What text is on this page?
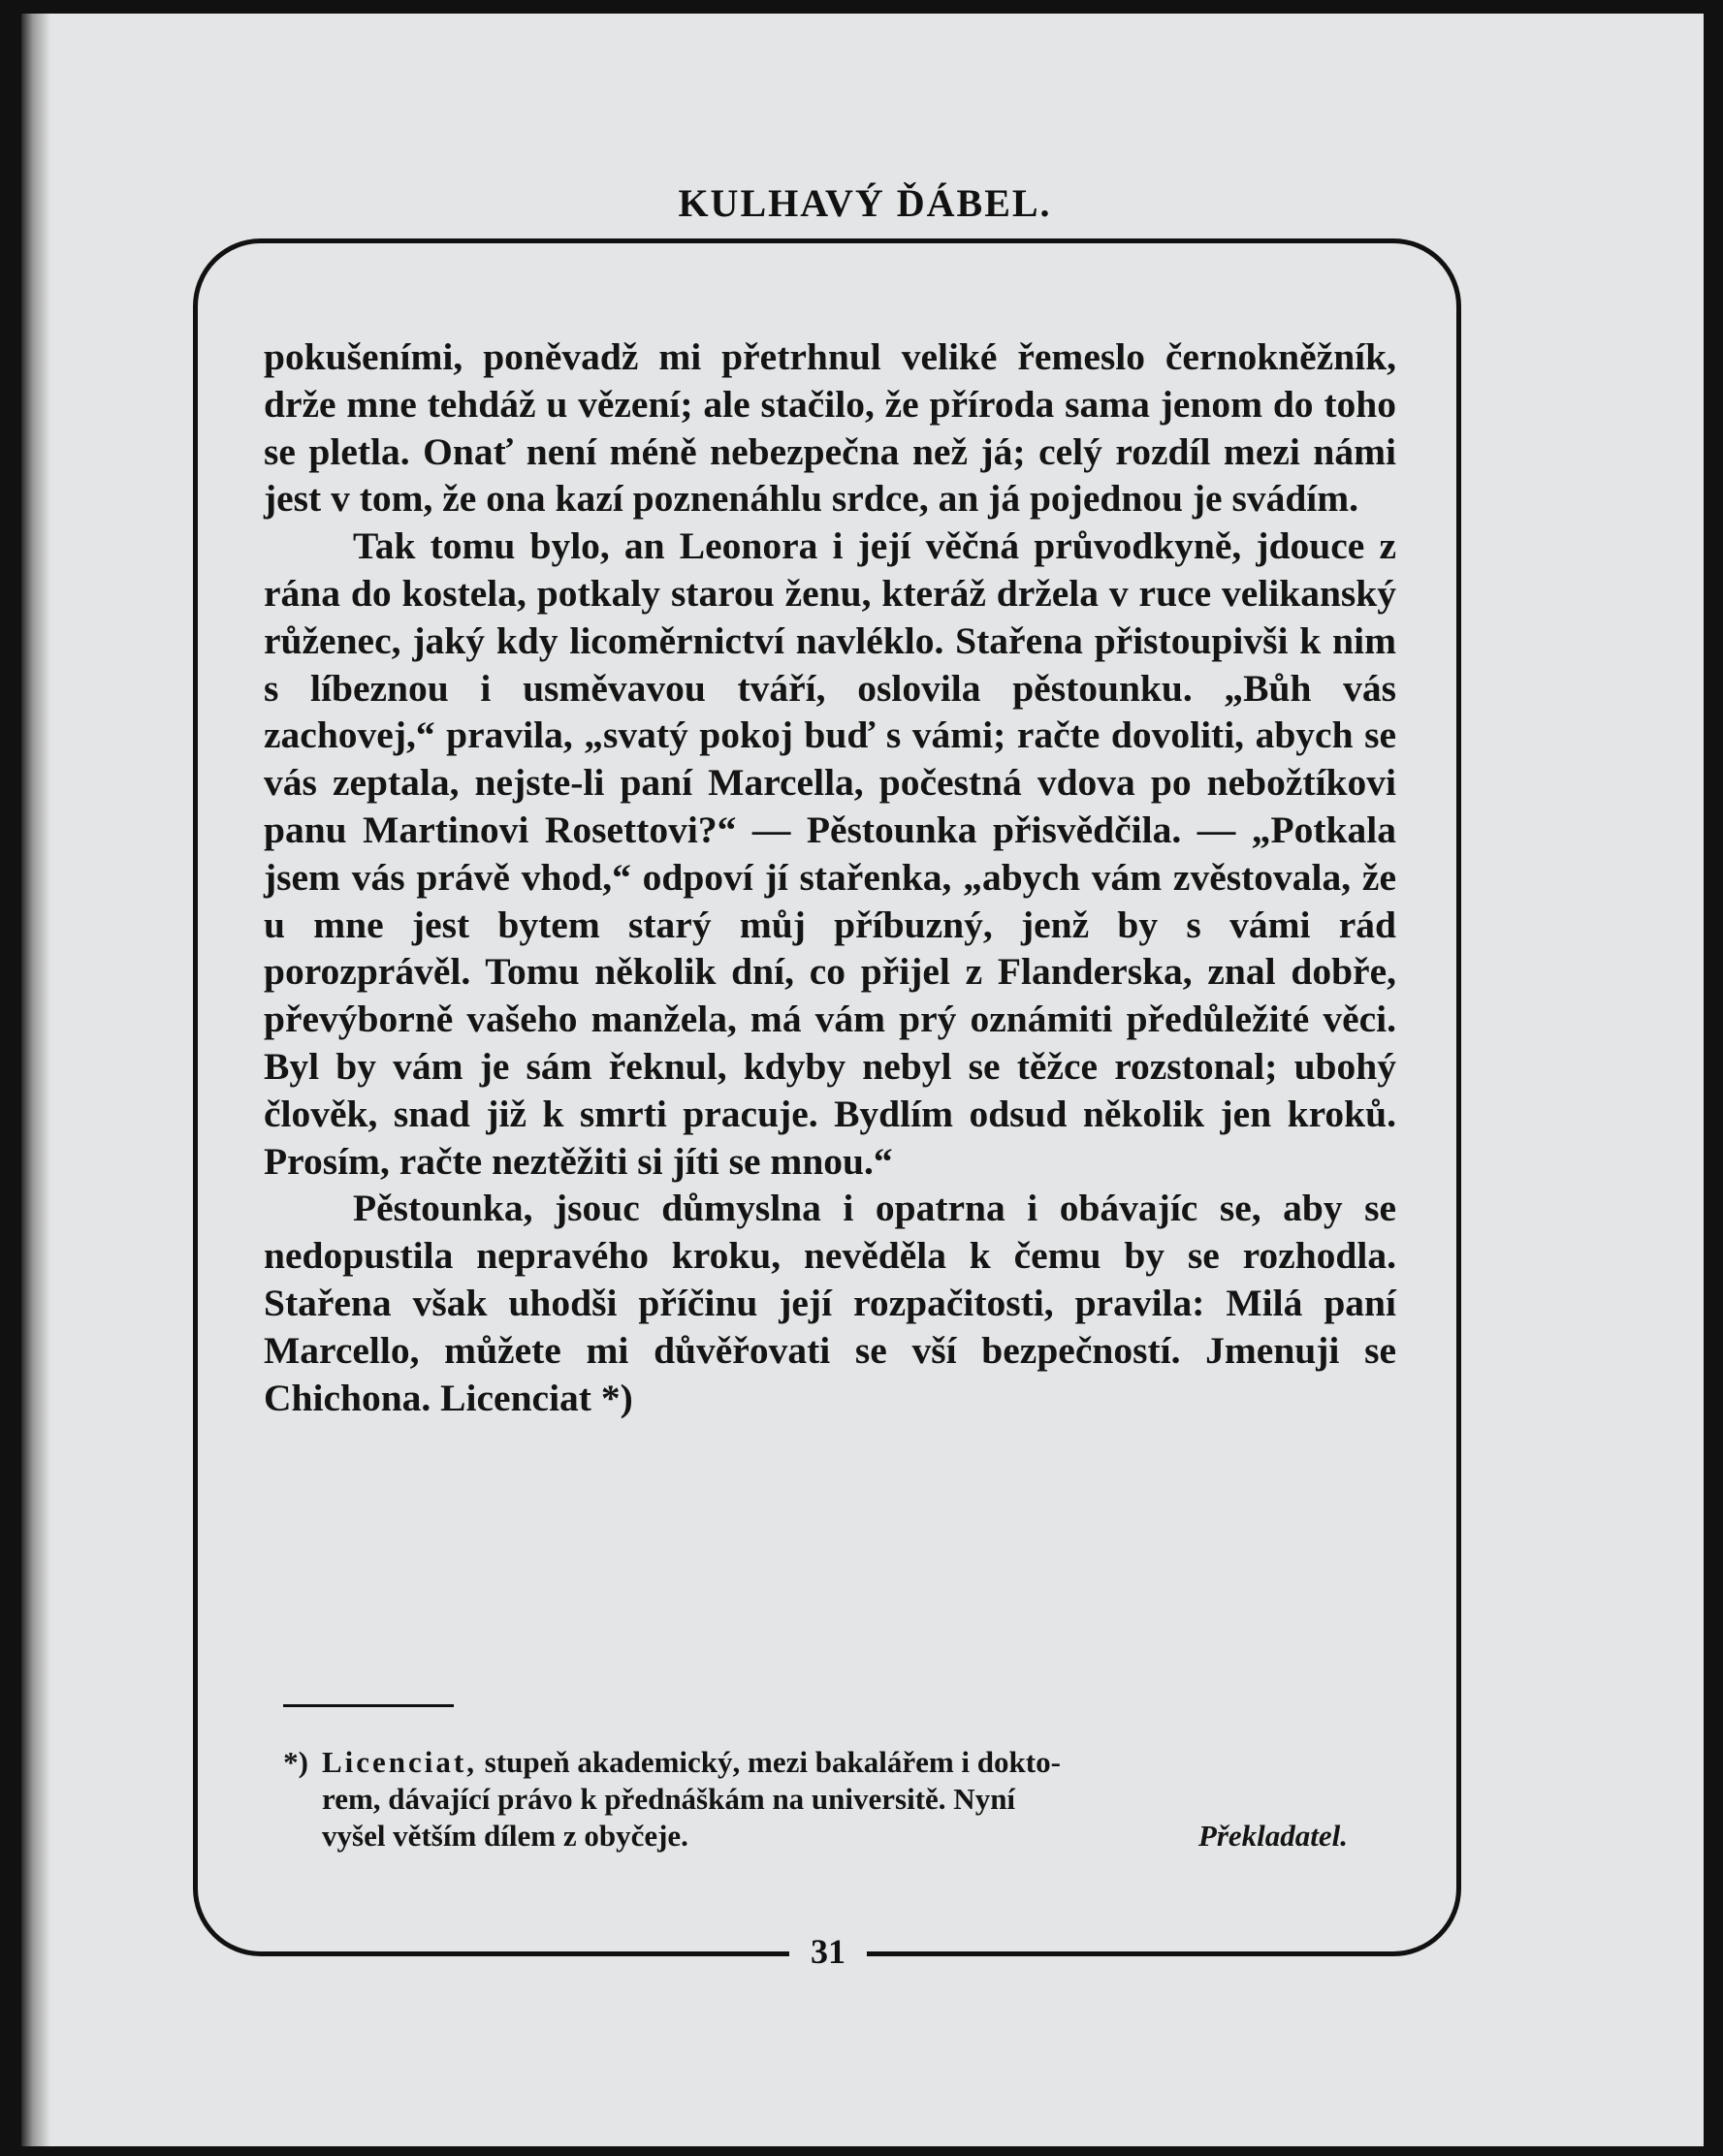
KULHAVÝ ĎÁBEL.

pokušeními, poněvadž mi přetrhnul veliké řemeslo černokněžník, drže mne tehdáž u vězení; ale stačilo, že příroda sama jenom do toho se pletla. Onať není méně nebezpečna než já; celý rozdíl mezi námi jest v tom, že ona kazí poznenáhlu srdce, an já pojednou je svádím.

Tak tomu bylo, an Leonora i její věčná průvodkyně, jdouce z rána do kostela, potkaly starou ženu, kteráž držela v ruce velikanský růženec, jaký kdy licoměrnictví navléklo. Stařena přistoupivši k nim s líbeznou i usměvavou tváří, oslovila pěstounku. „Bůh vás zachovej,“ pravila, „svatý pokoj buď s vámi; račte dovoliti, abych se vás zeptala, nejste-li paní Marcella, počestná vdova po nebožtíkovi panu Martinovi Rosettovi?“ — Pěstounka přisvědčila. — „Potkala jsem vás právě vhod,“ odpoví jí stařenka, „abych vám zvěstovala, že u mne jest bytem starý můj příbuzný, jenž by s vámi rád porozprávěl. Tomu několik dní, co přijel z Flanderska, znal dobře, převýborně vašeho manžela, má vám prý oznámiti předůležité věci. Byl by vám je sám řeknul, kdyby nebyl se těžce rozstonal; ubohý člověk, snad již k smrti pracuje. Bydlím odsud několik jen kroků. Prosím, račte neztěžiti si jíti se mnou.“

Pěstounka, jsouc důmyslna i opatrna i obávajíc se, aby se nedopustila nepravého kroku, nevěděla k čemu by se rozhodla. Stařena však uhodši příčinu její rozpačitosti, pravila: Milá paní Marcello, můžete mi důvěřovati se vší bezpečností. Jmenuji se Chichona. Licenciat *)

*) Licenciat, stupeň akademický, mezi bakalářem i dokto-
rem, dávající právo k přednáškám na universitě. Nyní
vyšel větším dílem z obyčeje.	Překladatel.
31
